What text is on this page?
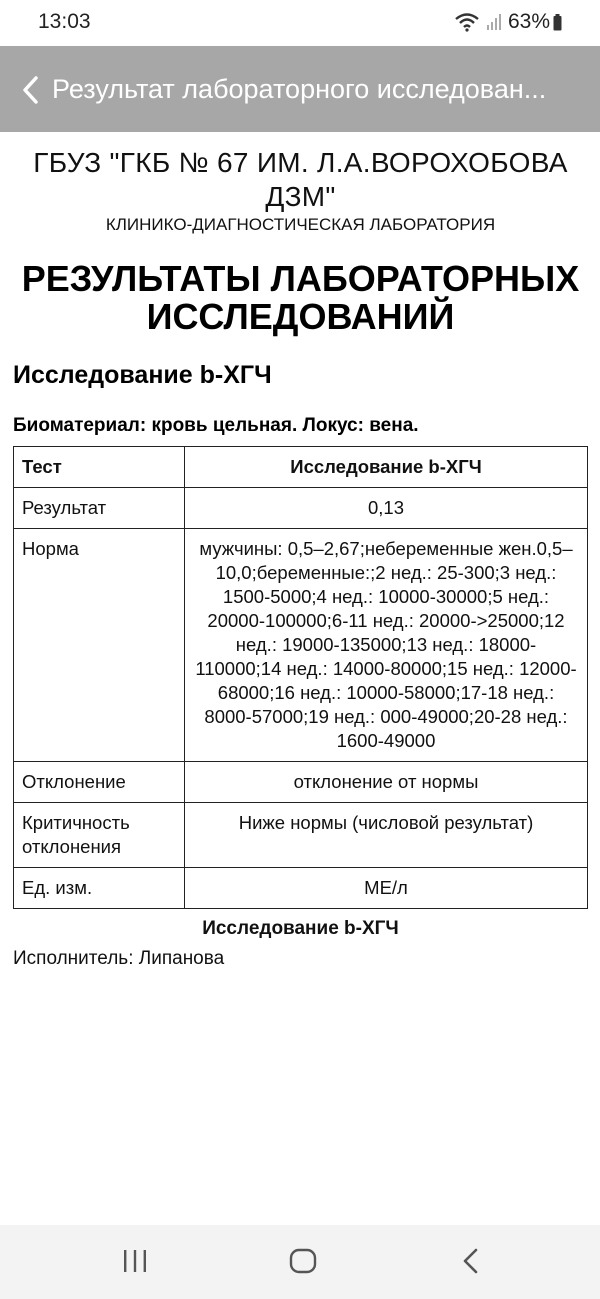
13:03	63%
Результат лабораторного исследован...
ГБУЗ "ГКБ № 67 ИМ. Л.А.ВОРОХОБОВА ДЗМ"
КЛИНИКО-ДИАГНОСТИЧЕСКАЯ ЛАБОРАТОРИЯ
РЕЗУЛЬТАТЫ ЛАБОРАТОРНЫХ ИССЛЕДОВАНИЙ
Исследование b-ХГЧ
Биоматериал: кровь цельная. Локус: вена.
Тест	Исследование b-ХГЧ
Результат	0,13
Норма	мужчины: 0,5–2,67;небеременные жен.0,5–10,0;беременные:;2 нед.: 25-300;3 нед.: 1500-5000;4 нед.: 10000-30000;5 нед.: 20000-100000;6-11 нед.: 20000->25000;12 нед.: 19000-135000;13 нед.: 18000-110000;14 нед.: 14000-80000;15 нед.: 12000-68000;16 нед.: 10000-58000;17-18 нед.: 8000-57000;19 нед.: 000-49000;20-28 нед.: 1600-49000
Отклонение	отклонение от нормы
Критичность отклонения	Ниже нормы (числовой результат)
Ед. изм.	МЕ/л
Исследование b-ХГЧ
Исполнитель: Липанова
